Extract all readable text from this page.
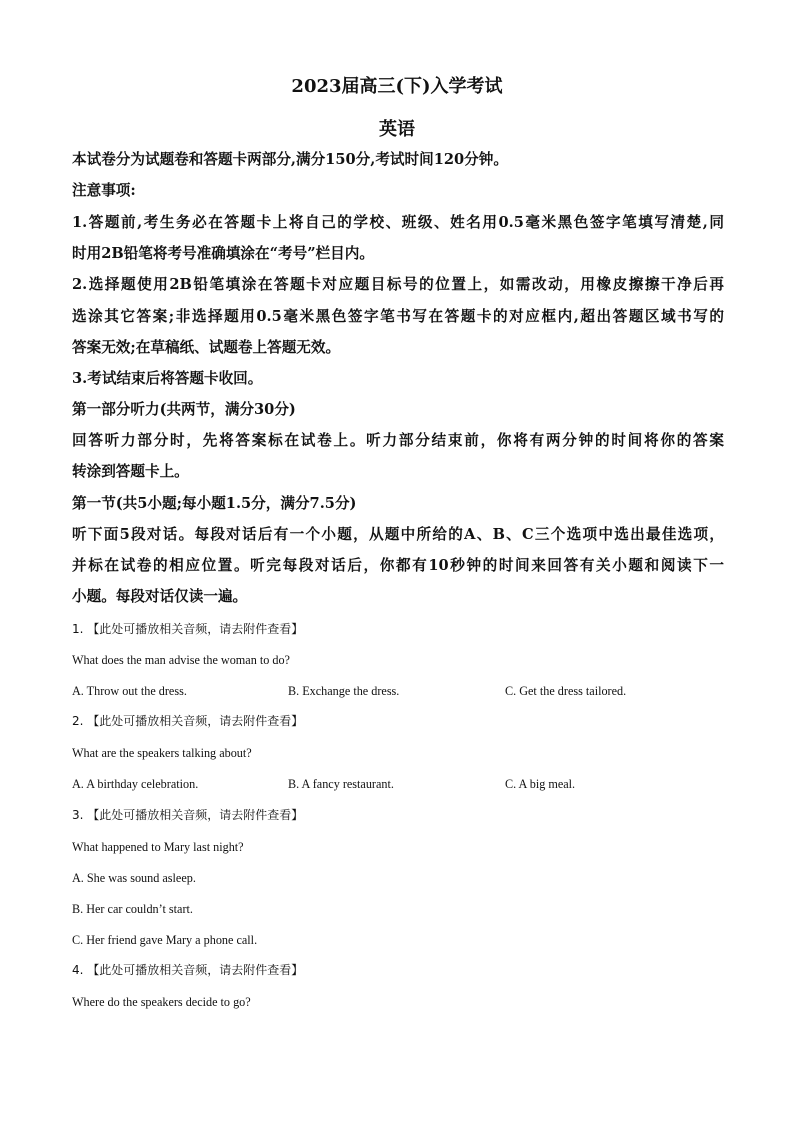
2023届高三(下)入学考试
英语
本试卷分为试题卷和答题卡两部分,满分150分,考试时间120分钟。
注意事项:
1.答题前,考生务必在答题卡上将自己的学校、班级、姓名用0.5毫米黑色签字笔填写清楚,同
时用2B铅笔将考号准确填涂在“考号”栏目内。
2.选择题使用2B铅笔填涂在答题卡对应题目标号的位置上，如需改动，用橡皮擦擦干净后再
选涂其它答案;非选择题用0.5毫米黑色签字笔书写在答题卡的对应框内,超出答题区域书写的
答案无效;在草稿纸、试题卷上答题无效。
3.考试结束后将答题卡收回。
第一部分听力(共两节，满分30分)
回答听力部分时，先将答案标在试卷上。听力部分结束前，你将有两分钟的时间将你的答案
转涂到答题卡上。
第一节(共5小题;每小题1.5分，满分7.5分)
听下面5段对话。每段对话后有一个小题，从题中所给的A、B、C三个选项中选出最佳选项，
并标在试卷的相应位置。听完每段对话后，你都有10秒钟的时间来回答有关小题和阅读下一
小题。每段对话仅读一遍。
1. 【此处可播放相关音频，请去附件查看】
What does the man advise the woman to do?
A. Throw out the dress.	B. Exchange the dress.	C. Get the dress tailored.
2. 【此处可播放相关音频，请去附件查看】
What are the speakers talking about?
A. A birthday celebration.	B. A fancy restaurant.	C. A big meal.
3. 【此处可播放相关音频，请去附件查看】
What happened to Mary last night?
A. She was sound asleep.
B. Her car couldn’t start.
C. Her friend gave Mary a phone call.
4. 【此处可播放相关音频，请去附件查看】
Where do the speakers decide to go?
